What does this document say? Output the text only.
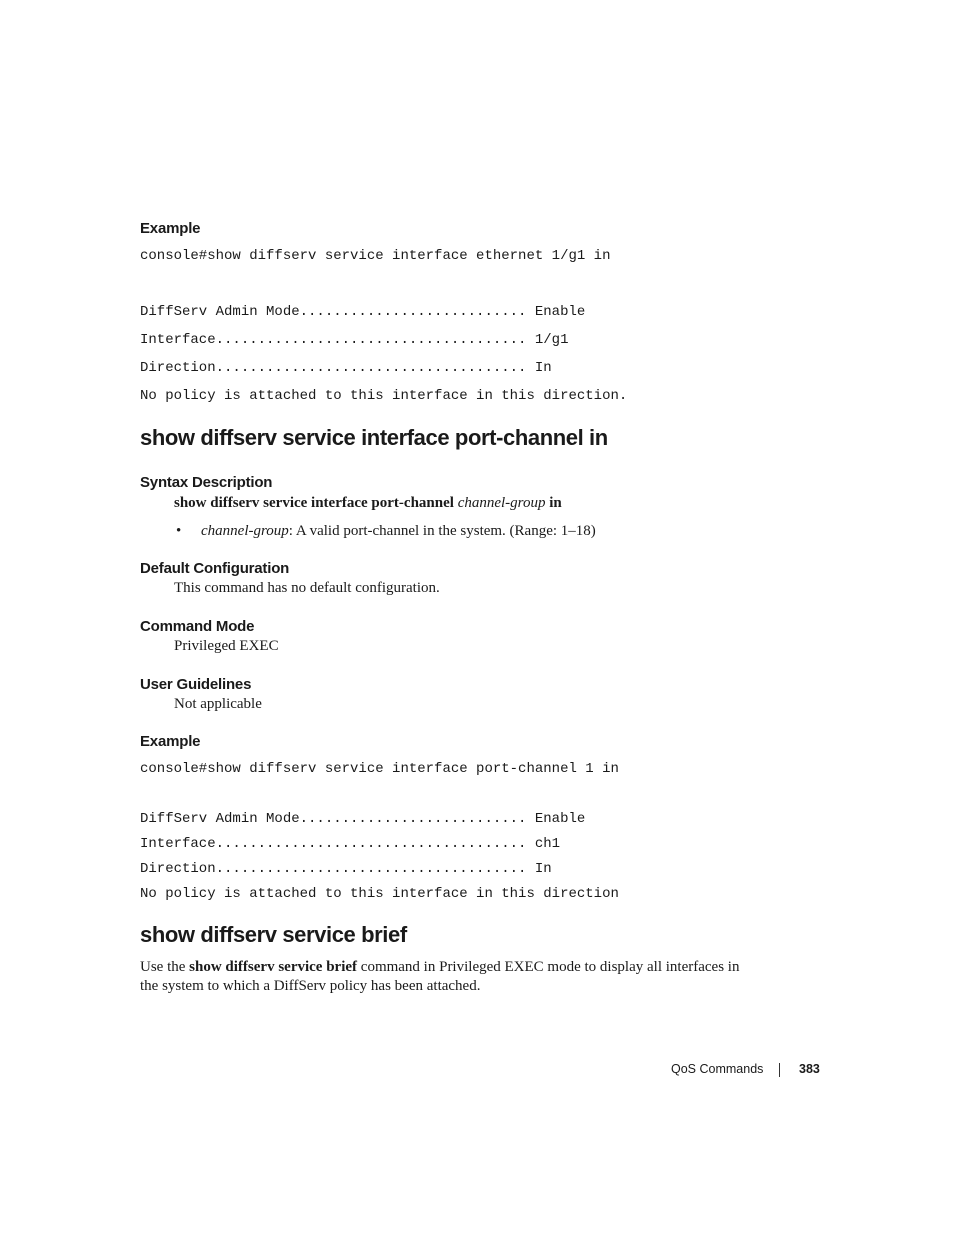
Example
console#show diffserv service interface ethernet 1/g1 in
DiffServ Admin Mode........................... Enable
Interface..................................... 1/g1
Direction..................................... In
No policy is attached to this interface in this direction.
show diffserv service interface port-channel in
Syntax Description
show diffserv service interface port-channel channel-group in
• channel-group: A valid port-channel in the system. (Range: 1–18)
Default Configuration
This command has no default configuration.
Command Mode
Privileged EXEC
User Guidelines
Not applicable
Example
console#show diffserv service interface port-channel 1 in
DiffServ Admin Mode........................... Enable
Interface..................................... ch1
Direction..................................... In
No policy is attached to this interface in this direction
show diffserv service brief
Use the show diffserv service brief command in Privileged EXEC mode to display all interfaces in
the system to which a DiffServ policy has been attached.
QoS Commands	383
